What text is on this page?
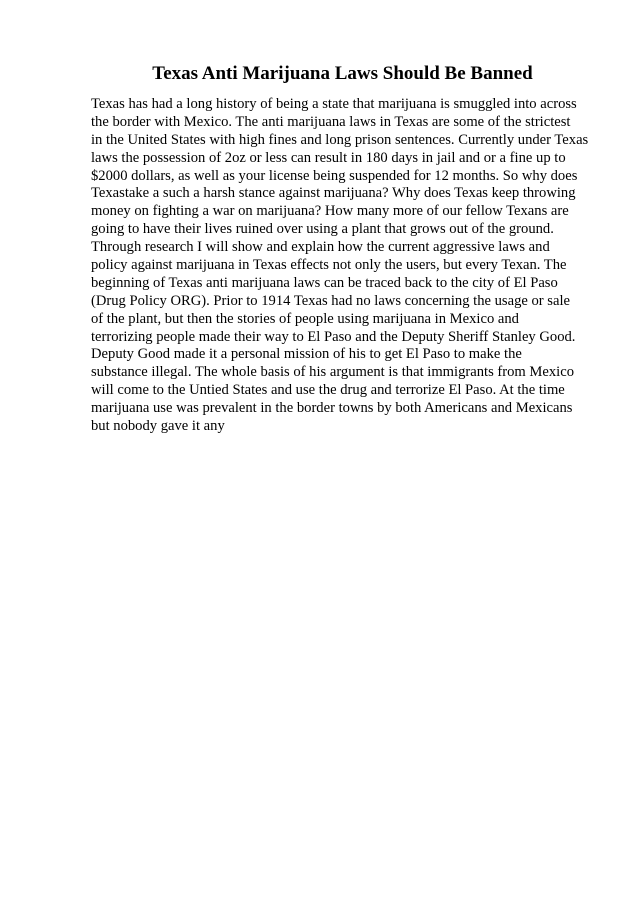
Texas Anti Marijuana Laws Should Be Banned
Texas has had a long history of being a state that marijuana is smuggled into across
the border with Mexico. The anti marijuana laws in Texas are some of the strictest
in the United States with high fines and long prison sentences. Currently under Texas
laws the possession of 2oz or less can result in 180 days in jail and or a fine up to
$2000 dollars, as well as your license being suspended for 12 months. So why does
Texastake a such a harsh stance against marijuana? Why does Texas keep throwing
money on fighting a war on marijuana? How many more of our fellow Texans are
going to have their lives ruined over using a plant that grows out of the ground.
Through research I will show and explain how the current aggressive laws and
policy against marijuana in Texas effects not only the users, but every Texan. The
beginning of Texas anti marijuana laws can be traced back to the city of El Paso
(Drug Policy ORG). Prior to 1914 Texas had no laws concerning the usage or sale
of the plant, but then the stories of people using marijuana in Mexico and
terrorizing people made their way to El Paso and the Deputy Sheriff Stanley Good.
Deputy Good made it a personal mission of his to get El Paso to make the
substance illegal. The whole basis of his argument is that immigrants from Mexico
will come to the Untied States and use the drug and terrorize El Paso. At the time
marijuana use was prevalent in the border towns by both Americans and Mexicans
but nobody gave it any
